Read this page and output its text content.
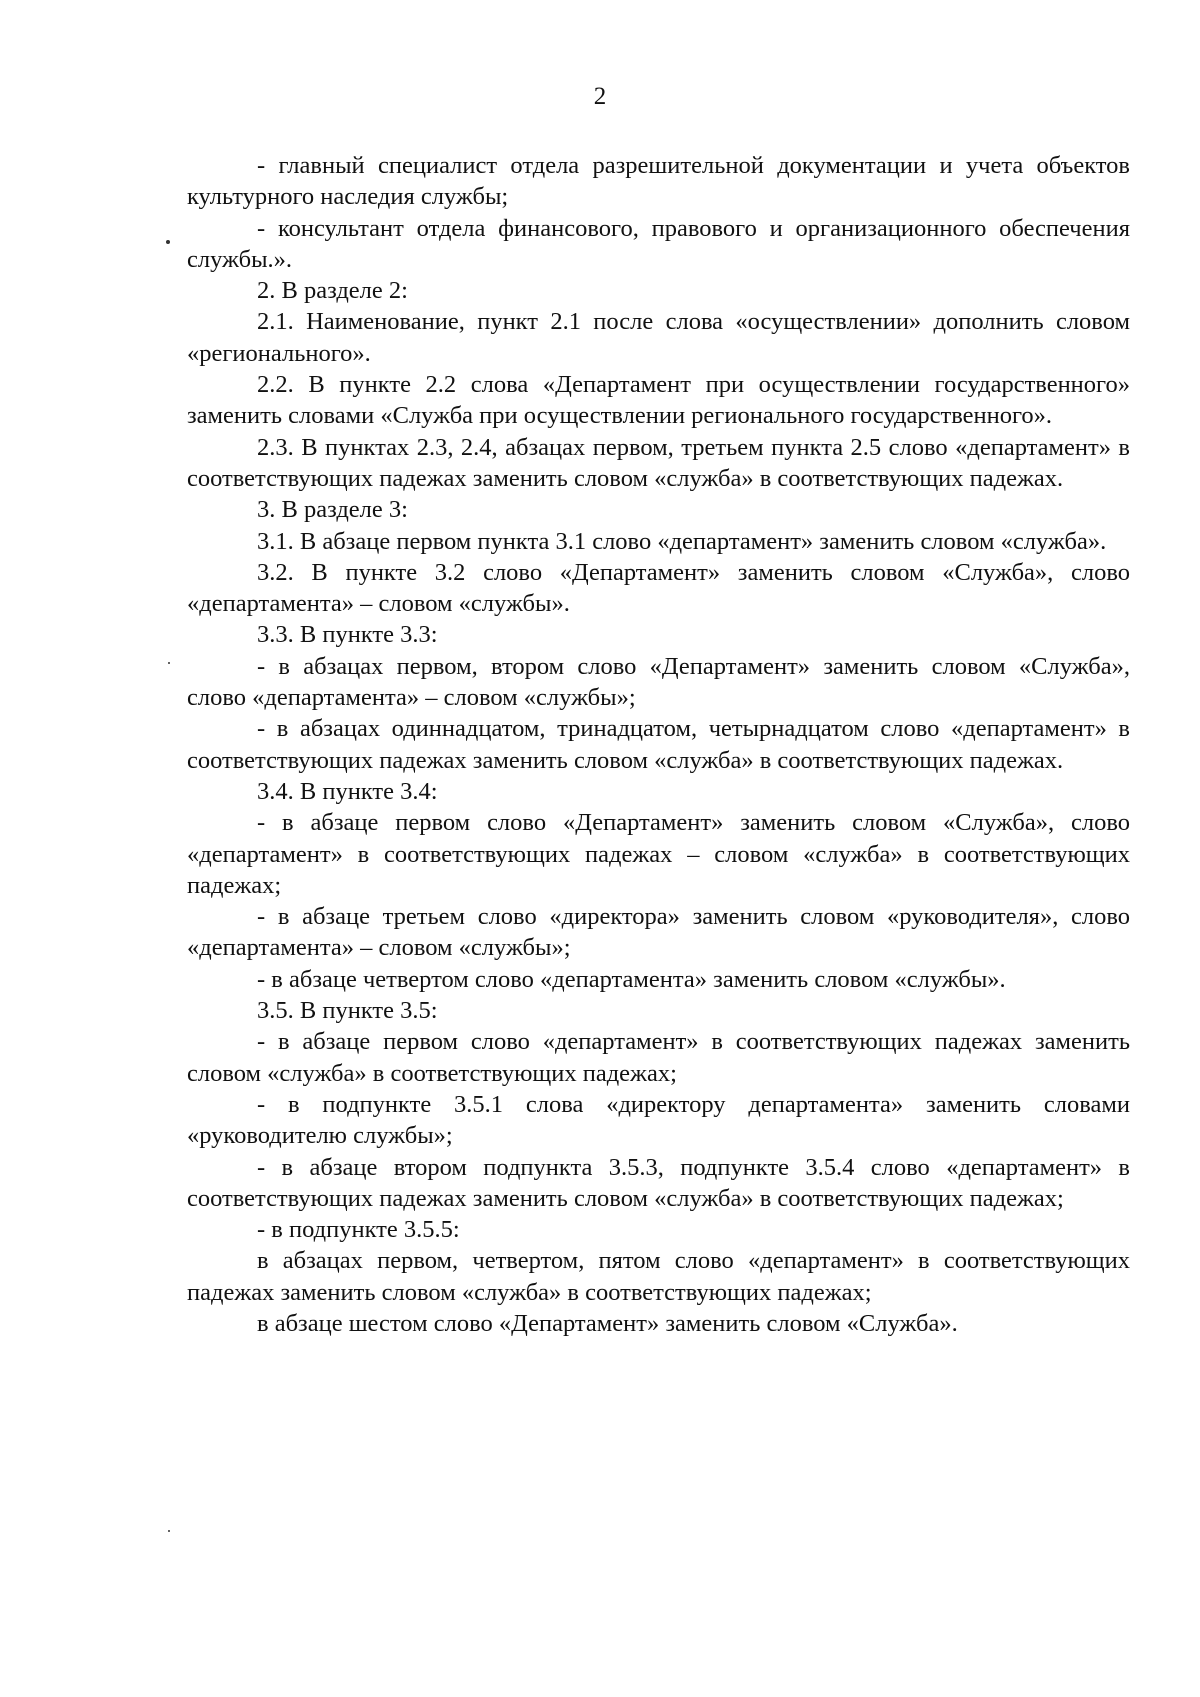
2

- главный специалист отдела разрешительной документации и учета объектов культурного наследия службы;

- консультант отдела финансового, правового и организационного обеспечения службы.».

2. В разделе 2:

2.1. Наименование, пункт 2.1 после слова «осуществлении» дополнить словом «регионального».

2.2. В пункте 2.2 слова «Департамент при осуществлении государственного» заменить словами «Служба при осуществлении регионального государственного».

2.3. В пунктах 2.3, 2.4, абзацах первом, третьем пункта 2.5 слово «департамент» в соответствующих падежах заменить словом «служба» в соответствующих падежах.

3. В разделе 3:

3.1. В абзаце первом пункта 3.1 слово «департамент» заменить словом «служба».

3.2. В пункте 3.2 слово «Департамент» заменить словом «Служба», слово «департамента» – словом «службы».

3.3. В пункте 3.3:

- в абзацах первом, втором слово «Департамент» заменить словом «Служба», слово «департамента» – словом «службы»;

- в абзацах одиннадцатом, тринадцатом, четырнадцатом слово «департамент» в соответствующих падежах заменить словом «служба» в соответствующих падежах.

3.4. В пункте 3.4:

- в абзаце первом слово «Департамент» заменить словом «Служба», слово «департамент» в соответствующих падежах – словом «служба» в соответствующих падежах;

- в абзаце третьем слово «директора» заменить словом «руководителя», слово «департамента» – словом «службы»;

- в абзаце четвертом слово «департамента» заменить словом «службы».

3.5. В пункте 3.5:

- в абзаце первом слово «департамент» в соответствующих падежах заменить словом «служба» в соответствующих падежах;

- в подпункте 3.5.1 слова «директору департамента» заменить словами «руководителю службы»;

- в абзаце втором подпункта 3.5.3, подпункте 3.5.4 слово «департамент» в соответствующих падежах заменить словом «служба» в соответствующих падежах;

- в подпункте 3.5.5:

в абзацах первом, четвертом, пятом слово «департамент» в соответствующих падежах заменить словом «служба» в соответствующих падежах;

в абзаце шестом слово «Департамент» заменить словом «Служба».
